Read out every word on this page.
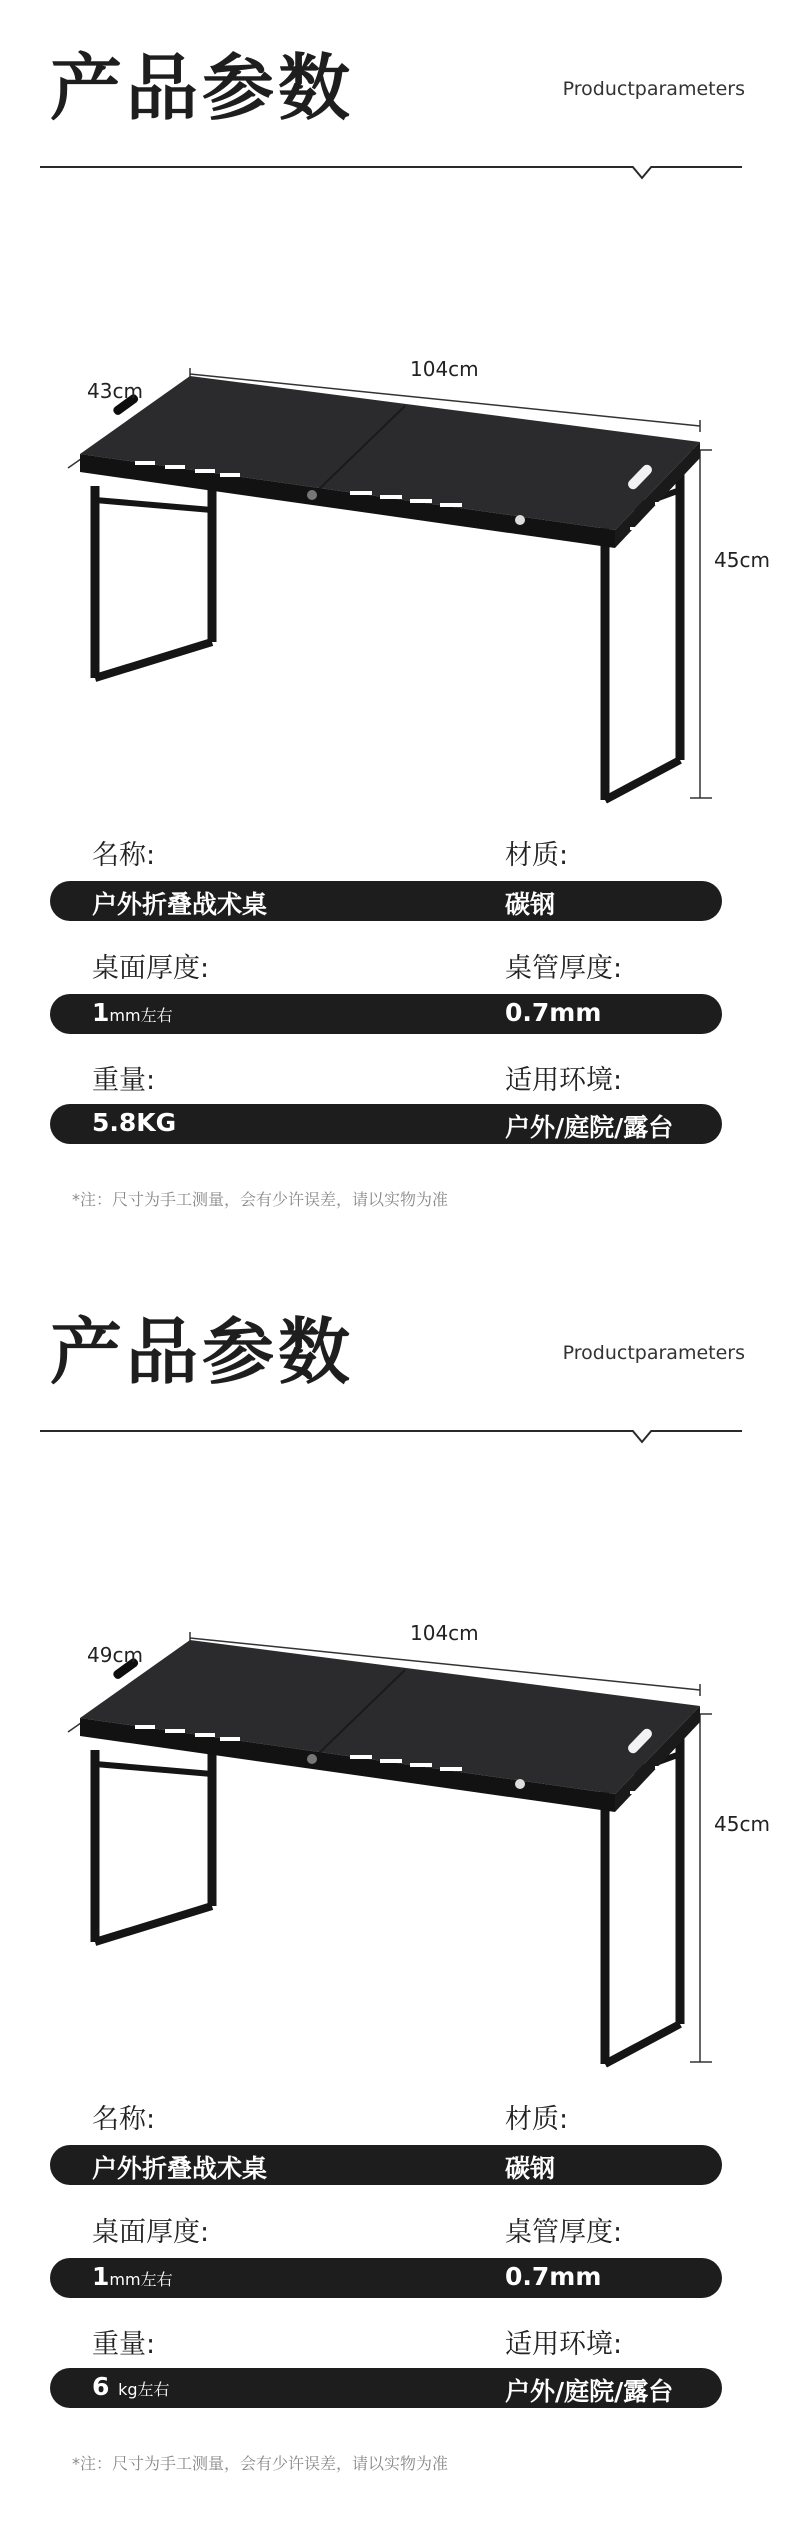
产品参数	Productparameters
104cm
43cm
45cm
名称:	材质:
户外折叠战术桌	碳钢
桌面厚度:	桌管厚度:
1mm左右	0.7mm
重量:	适用环境:
5.8KG	户外/庭院/露台
*注：尺寸为手工测量，会有少许误差，请以实物为准
产品参数	Productparameters
104cm
49cm
45cm
名称:	材质:
户外折叠战术桌	碳钢
桌面厚度:	桌管厚度:
1mm左右	0.7mm
重量:	适用环境:
6 kg左右	户外/庭院/露台
*注：尺寸为手工测量，会有少许误差，请以实物为准
